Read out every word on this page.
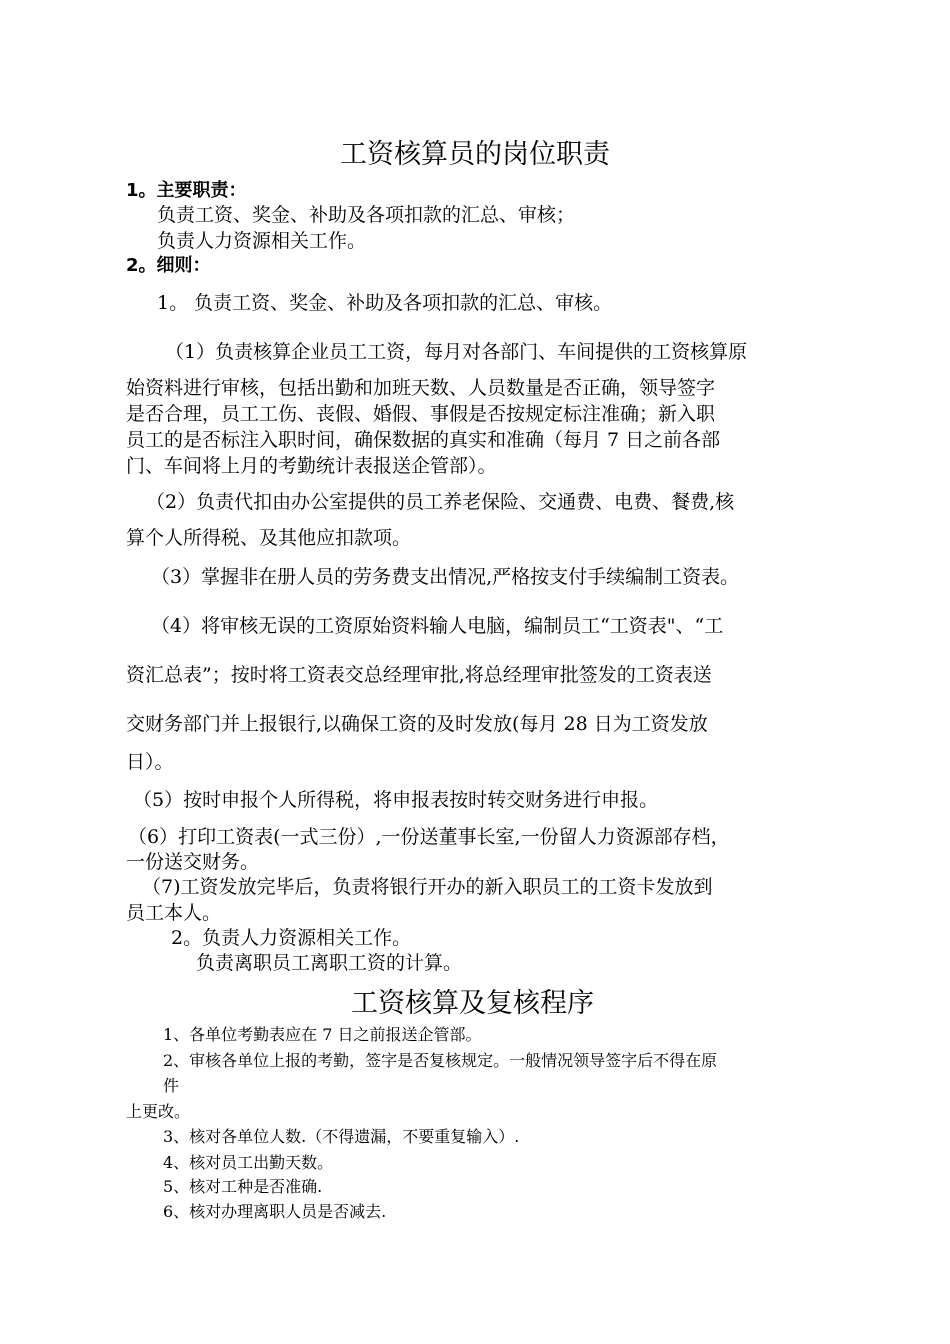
工资核算员的岗位职责
1。主要职责：
负责工资、奖金、补助及各项扣款的汇总、审核；
负责人力资源相关工作。
2。细则：
1。 负责工资、奖金、补助及各项扣款的汇总、审核。
（1）负责核算企业员工工资，每月对各部门、车间提供的工资核算原
始资料进行审核，包括出勤和加班天数、人员数量是否正确，领导签字
是否合理，员工工伤、丧假、婚假、事假是否按规定标注准确；新入职
员工的是否标注入职时间，确保数据的真实和准确（每月 7 日之前各部
门、车间将上月的考勤统计表报送企管部）。
（2）负责代扣由办公室提供的员工养老保险、交通费、电费、餐费,核
算个人所得税、及其他应扣款项。
（3）掌握非在册人员的劳务费支出情况,严格按支付手续编制工资表。
（4）将审核无误的工资原始资料输人电脑，编制员工“工资表"、“工
资汇总表”；按时将工资表交总经理审批,将总经理审批签发的工资表送
交财务部门并上报银行,以确保工资的及时发放(每月 28 日为工资发放
日）。
（5）按时申报个人所得税，将申报表按时转交财务进行申报。
（6）打印工资表(一式三份）,一份送董事长室,一份留人力资源部存档，
一份送交财务。
（7)工资发放完毕后，负责将银行开办的新入职员工的工资卡发放到
员工本人。
2。负责人力资源相关工作。
负责离职员工离职工资的计算。
工资核算及复核程序
1、各单位考勤表应在 7 日之前报送企管部。
2、审核各单位上报的考勤，签字是否复核规定。一般情况领导签字后不得在原
件
上更改。
3、核对各单位人数.（不得遗漏，不要重复输入）.
4、核对员工出勤天数。
5、核对工种是否准确.
6、核对办理离职人员是否减去.
